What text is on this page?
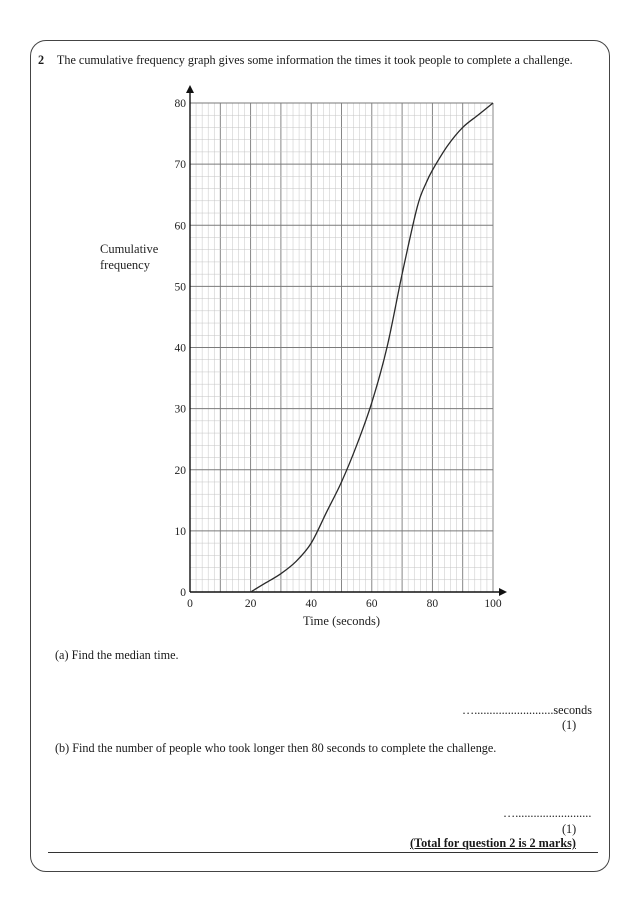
2 The cumulative frequency graph gives some information the times it took people to complete a challenge.
0	20	40	60	80	100
0
10
20
30
40
50
60
70
80
Time (seconds)
Cumulative
frequency
(a) Find the median time.
…..........................seconds
(1)
(b) Find the number of people who took longer then 80 seconds to complete the challenge.
….........................
(1)
(Total for question 2 is 2 marks)
